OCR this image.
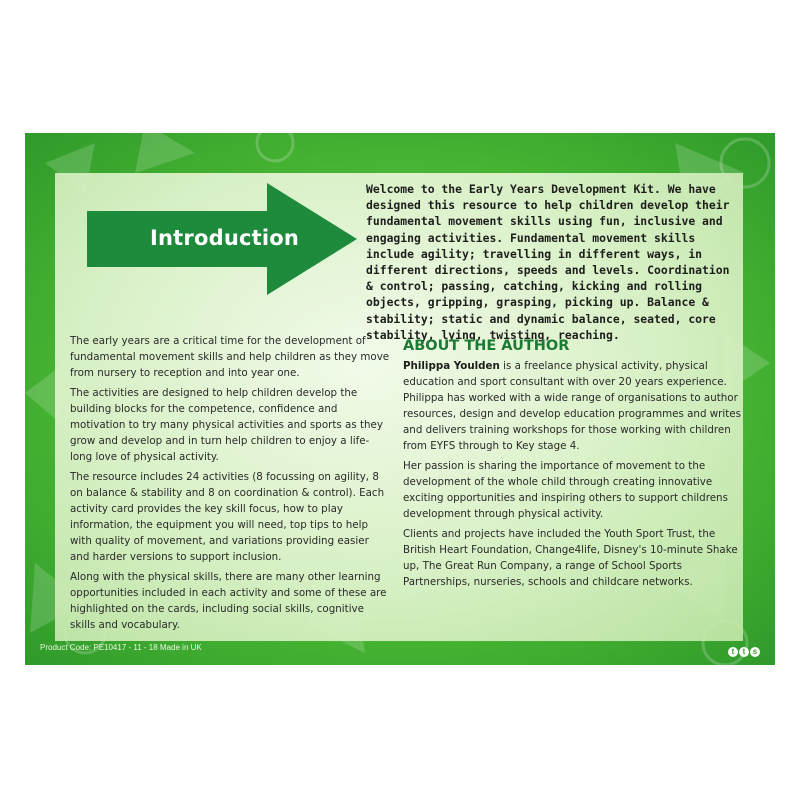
Introduction

Welcome to the Early Years Development Kit. We have designed this resource to help children develop their fundamental movement skills using fun, inclusive and engaging activities. Fundamental movement skills include agility; travelling in different ways, in different directions, speeds and levels. Coordination & control; passing, catching, kicking and rolling objects, gripping, grasping, picking up. Balance & stability; static and dynamic balance, seated, core stability, lying, twisting, reaching.

The early years are a critical time for the development of fundamental movement skills and help children as they move from nursery to reception and into year one.

The activities are designed to help children develop the building blocks for the competence, confidence and motivation to try many physical activities and sports as they grow and develop and in turn help children to enjoy a life-long love of physical activity.

The resource includes 24 activities (8 focussing on agility, 8 on balance & stability and 8 on coordination & control). Each activity card provides the key skill focus, how to play information, the equipment you will need, top tips to help with quality of movement, and variations providing easier and harder versions to support inclusion.

Along with the physical skills, there are many other learning opportunities included in each activity and some of these are highlighted on the cards, including social skills, cognitive skills and vocabulary.

ABOUT THE AUTHOR

Philippa Youlden is a freelance physical activity, physical education and sport consultant with over 20 years experience. Philippa has worked with a wide range of organisations to author resources, design and develop education programmes and writes and delivers training workshops for those working with children from EYFS through to Key stage 4.

Her passion is sharing the importance of movement to the development of the whole child through creating innovative exciting opportunities and inspiring others to support childrens development through physical activity.

Clients and projects have included the Youth Sport Trust, the British Heart Foundation, Change4life, Disney's 10-minute Shake up, The Great Run Company, a range of School Sports Partnerships, nurseries, schools and childcare networks.

Product Code: PE10417 - 11 - 18 Made in UK	t t s
